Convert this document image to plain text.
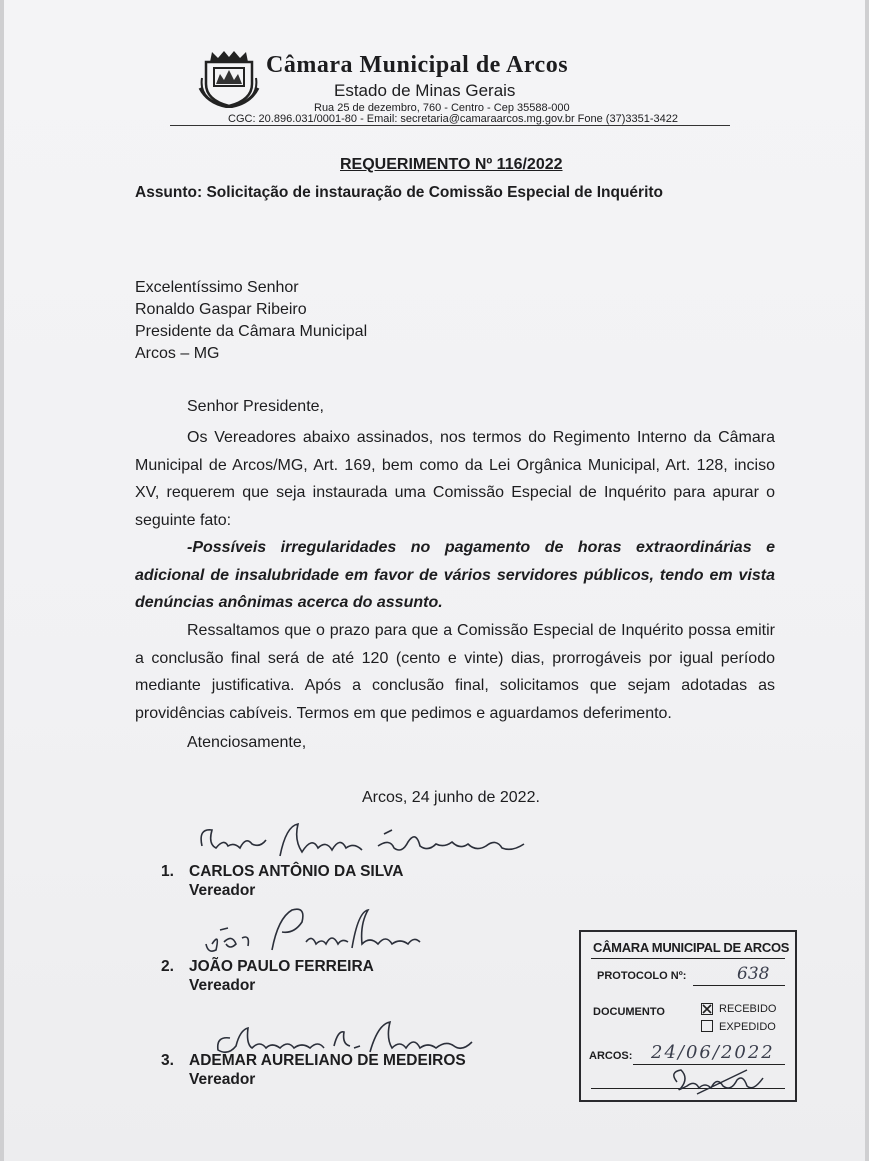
Câmara Municipal de Arcos
Estado de Minas Gerais
Rua 25 de dezembro, 760 - Centro - Cep 35588-000
CGC: 20.896.031/0001-80 - Email: secretaria@camaraarcos.mg.gov.br Fone (37)3351-3422
REQUERIMENTO Nº 116/2022
Assunto: Solicitação de instauração de Comissão Especial de Inquérito
Excelentíssimo Senhor
Ronaldo Gaspar Ribeiro
Presidente da Câmara Municipal
Arcos – MG
Senhor Presidente,
Os Vereadores abaixo assinados, nos termos do Regimento Interno da Câmara Municipal de Arcos/MG, Art. 169, bem como da Lei Orgânica Municipal, Art. 128, inciso XV, requerem que seja instaurada uma Comissão Especial de Inquérito para apurar o seguinte fato:
-Possíveis irregularidades no pagamento de horas extraordinárias e adicional de insalubridade em favor de vários servidores públicos, tendo em vista denúncias anônimas acerca do assunto.
Ressaltamos que o prazo para que a Comissão Especial de Inquérito possa emitir a conclusão final será de até 120 (cento e vinte) dias, prorrogáveis por igual período mediante justificativa. Após a conclusão final, solicitamos que sejam adotadas as providências cabíveis. Termos em que pedimos e aguardamos deferimento.
Atenciosamente,
Arcos, 24 junho de 2022.
1. CARLOS ANTÔNIO DA SILVA
Vereador
2. JOÃO PAULO FERREIRA
Vereador
3. ADEMAR AURELIANO DE MEDEIROS
Vereador
CÂMARA MUNICIPAL DE ARCOS
PROTOCOLO Nº:	638
DOCUMENTO	RECEBIDO
EXPEDIDO
ARCOS: 24/06/2022
